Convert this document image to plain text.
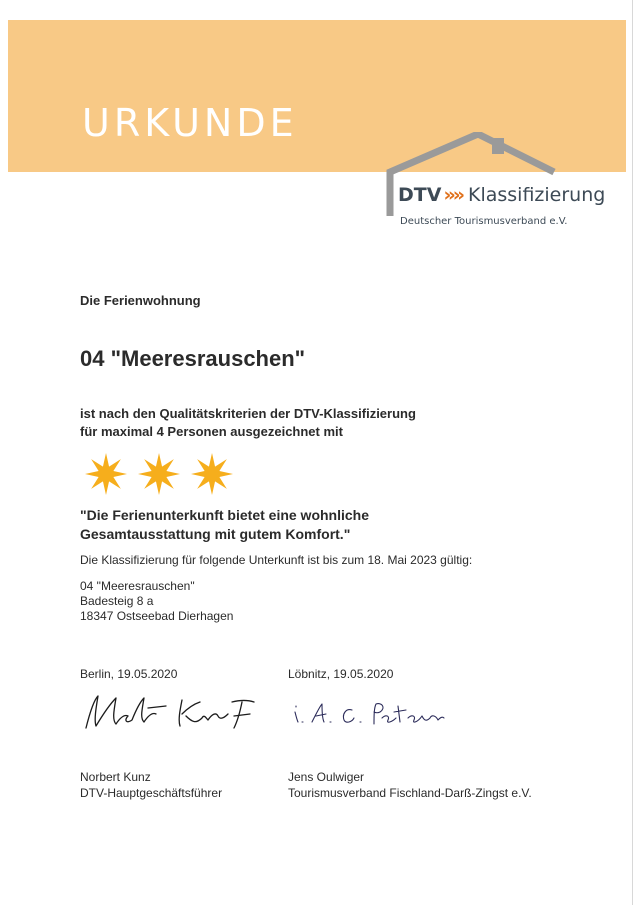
URKUNDE
DTV »» Klassifizierung
Deutscher Tourismusverband e.V.
Die Ferienwohnung
04 "Meeresrauschen"
ist nach den Qualitätskriterien der DTV-Klassifizierung
für maximal 4 Personen ausgezeichnet mit
"Die Ferienunterkunft bietet eine wohnliche
Gesamtausstattung mit gutem Komfort."
Die Klassifizierung für folgende Unterkunft ist bis zum 18. Mai 2023 gültig:
04 "Meeresrauschen"
Badesteig 8 a
18347 Ostseebad Dierhagen
Berlin, 19.05.2020	Löbnitz, 19.05.2020
Norbert Kunz
DTV-Hauptgeschäftsführer
Jens Oulwiger
Tourismusverband Fischland-Darß-Zingst e.V.
